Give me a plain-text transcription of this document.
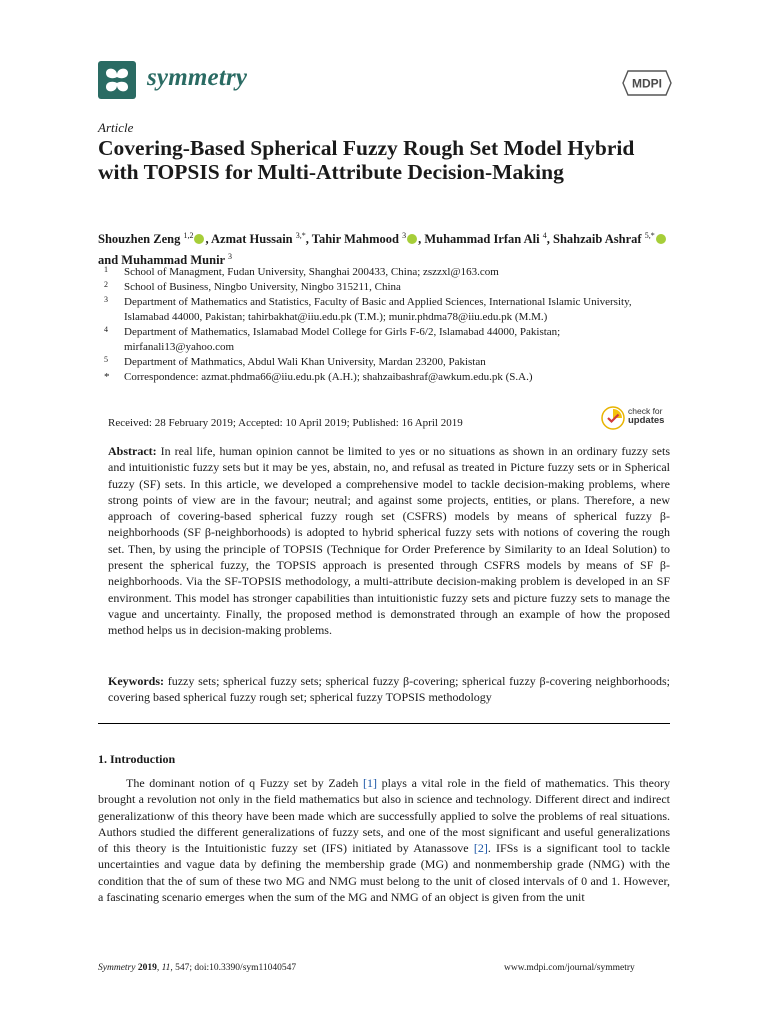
symmetry	MDPI
Article
Covering-Based Spherical Fuzzy Rough Set Model Hybrid with TOPSIS for Multi-Attribute Decision-Making
Shouzhen Zeng $^{1,2}$ , Azmat Hussain $^{3,*}$, Tahir Mahmood $^3$ , Muhammad Irfan Ali $^4$, Shahzaib Ashraf $^{5,*}$ and Muhammad Munir $^3$
1 School of Managment, Fudan University, Shanghai 200433, China; zszzxl@163.com
2 School of Business, Ningbo University, Ningbo 315211, China
3 Department of Mathematics and Statistics, Faculty of Basic and Applied Sciences, International Islamic University, Islamabad 44000, Pakistan; tahirbakhat@iiu.edu.pk (T.M.); munir.phdma78@iiu.edu.pk (M.M.)
4 Department of Mathematics, Islamabad Model College for Girls F-6/2, Islamabad 44000, Pakistan; mirfanali13@yahoo.com
5 Department of Mathmatics, Abdul Wali Khan University, Mardan 23200, Pakistan
* Correspondence: azmat.phdma66@iiu.edu.pk (A.H.); shahzaibashraf@awkum.edu.pk (S.A.)
Received: 28 February 2019; Accepted: 10 April 2019; Published: 16 April 2019
check for
updates
Abstract: In real life, human opinion cannot be limited to yes or no situations as shown in an ordinary fuzzy sets and intuitionistic fuzzy sets but it may be yes, abstain, no, and refusal as treated in Picture fuzzy sets or in Spherical fuzzy (SF) sets. In this article, we developed a comprehensive model to tackle decision-making problems, where strong points of view are in the favour; neutral; and against some projects, entities, or plans. Therefore, a new approach of covering-based spherical fuzzy rough set (CSFRS) models by means of spherical fuzzy β-neighborhoods (SF β-neighborhoods) is adopted to hybrid spherical fuzzy sets with notions of covering the rough set. Then, by using the principle of TOPSIS (Technique for Order Preference by Similarity to an Ideal Solution) to present the spherical fuzzy, the TOPSIS approach is presented through CSFRS models by means of SF β-neighborhoods. Via the SF-TOPSIS methodology, a multi-attribute decision-making problem is developed in an SF environment. This model has stronger capabilities than intuitionistic fuzzy sets and picture fuzzy sets to manage the vague and uncertainty. Finally, the proposed method is demonstrated through an example of how the proposed method helps us in decision-making problems.
Keywords: fuzzy sets; spherical fuzzy sets; spherical fuzzy β-covering; spherical fuzzy β-covering neighborhoods; covering based spherical fuzzy rough set; spherical fuzzy TOPSIS methodology
1. Introduction
The dominant notion of q Fuzzy set by Zadeh [1] plays a vital role in the field of mathematics. This theory brought a revolution not only in the field mathematics but also in science and technology. Different direct and indirect generalizationw of this theory have been made which are successfully applied to solve the problems of real situations. Authors studied the different generalizations of fuzzy sets, and one of the most significant and useful generalizations of this theory is the Intuitionistic fuzzy set (IFS) initiated by Atanassove [2]. IFSs is a significant tool to tackle uncertainties and vague data by defining the membership grade (MG) and nonmembership grade (NMG) with the condition that the of sum of these two MG and NMG must belong to the unit of closed intervals of 0 and 1. However, a fascinating scenario emerges when the sum of the MG and NMG of an object is given from the unit
Symmetry 2019, 11, 547; doi:10.3390/sym11040547	www.mdpi.com/journal/symmetry
